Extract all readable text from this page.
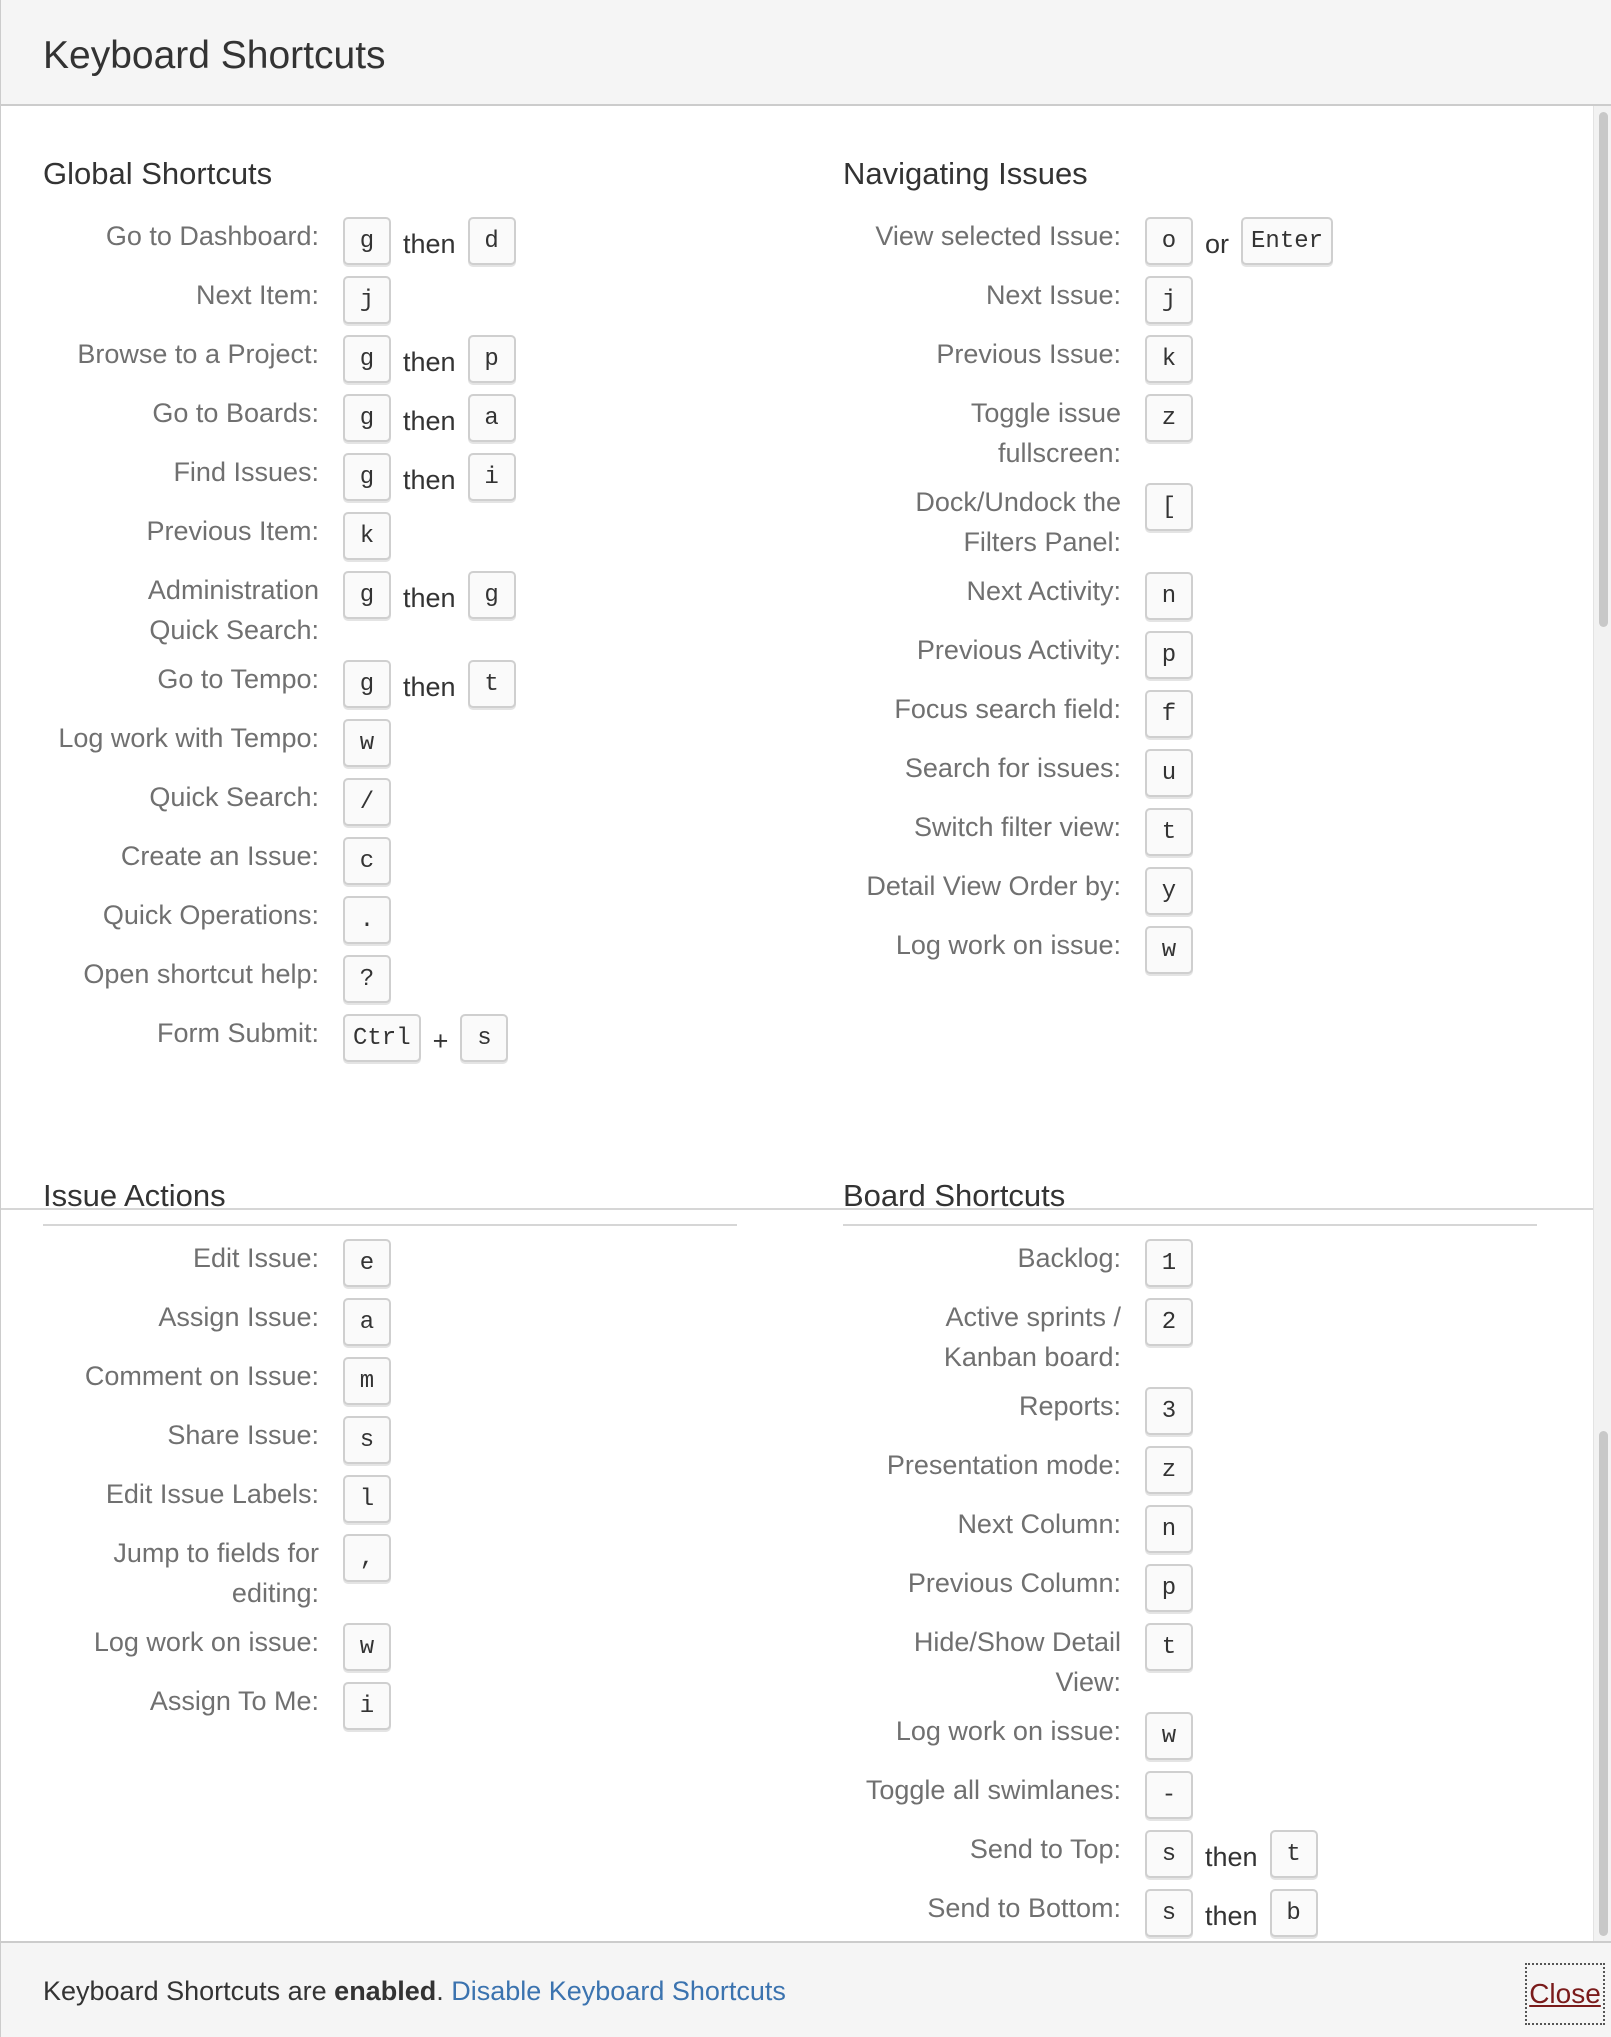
Keyboard Shortcuts
Global Shortcuts
Go to Dashboard:	g	then	d
Next Item:	j
Browse to a Project:	g	then	p
Go to Boards:	g	then	a
Find Issues:	g	then	i
Previous Item:	k
Administration Quick Search:
g	then	g
Go to Tempo:	g	then	t
Log work with Tempo:	w
Quick Search:	/
Create an Issue:	c
Quick Operations:	.
Open shortcut help:	?
Form Submit:	Ctrl +	s
Navigating Issues
View selected Issue:	o	or Enter
Next Issue:	j
Previous Issue:	k
Toggle issue fullscreen:
z
Dock/Undock the Filters Panel:
[
Next Activity:	n
Previous Activity:	p
Focus search field:	f
Search for issues:	u
Switch filter view:	t
Detail View Order by:	y
Log work on issue:	w
Issue Actions
Edit Issue:	e
Assign Issue:	a
Comment on Issue:	m
Share Issue:	s
Edit Issue Labels:	l
Jump to fields for editing:
,
Log work on issue:	w
Assign To Me:	i
Board Shortcuts
Backlog:	1
Active sprints / Kanban board:
2
Reports:	3
Presentation mode:	z
Next Column:	n
Previous Column:	p
Hide/Show Detail View:
t
Log work on issue:	w
Toggle all swimlanes:	-
Send to Top:	s	then	t
Send to Bottom:	s	then	b
Keyboard Shortcuts are enabled. Disable Keyboard Shortcuts	Close
